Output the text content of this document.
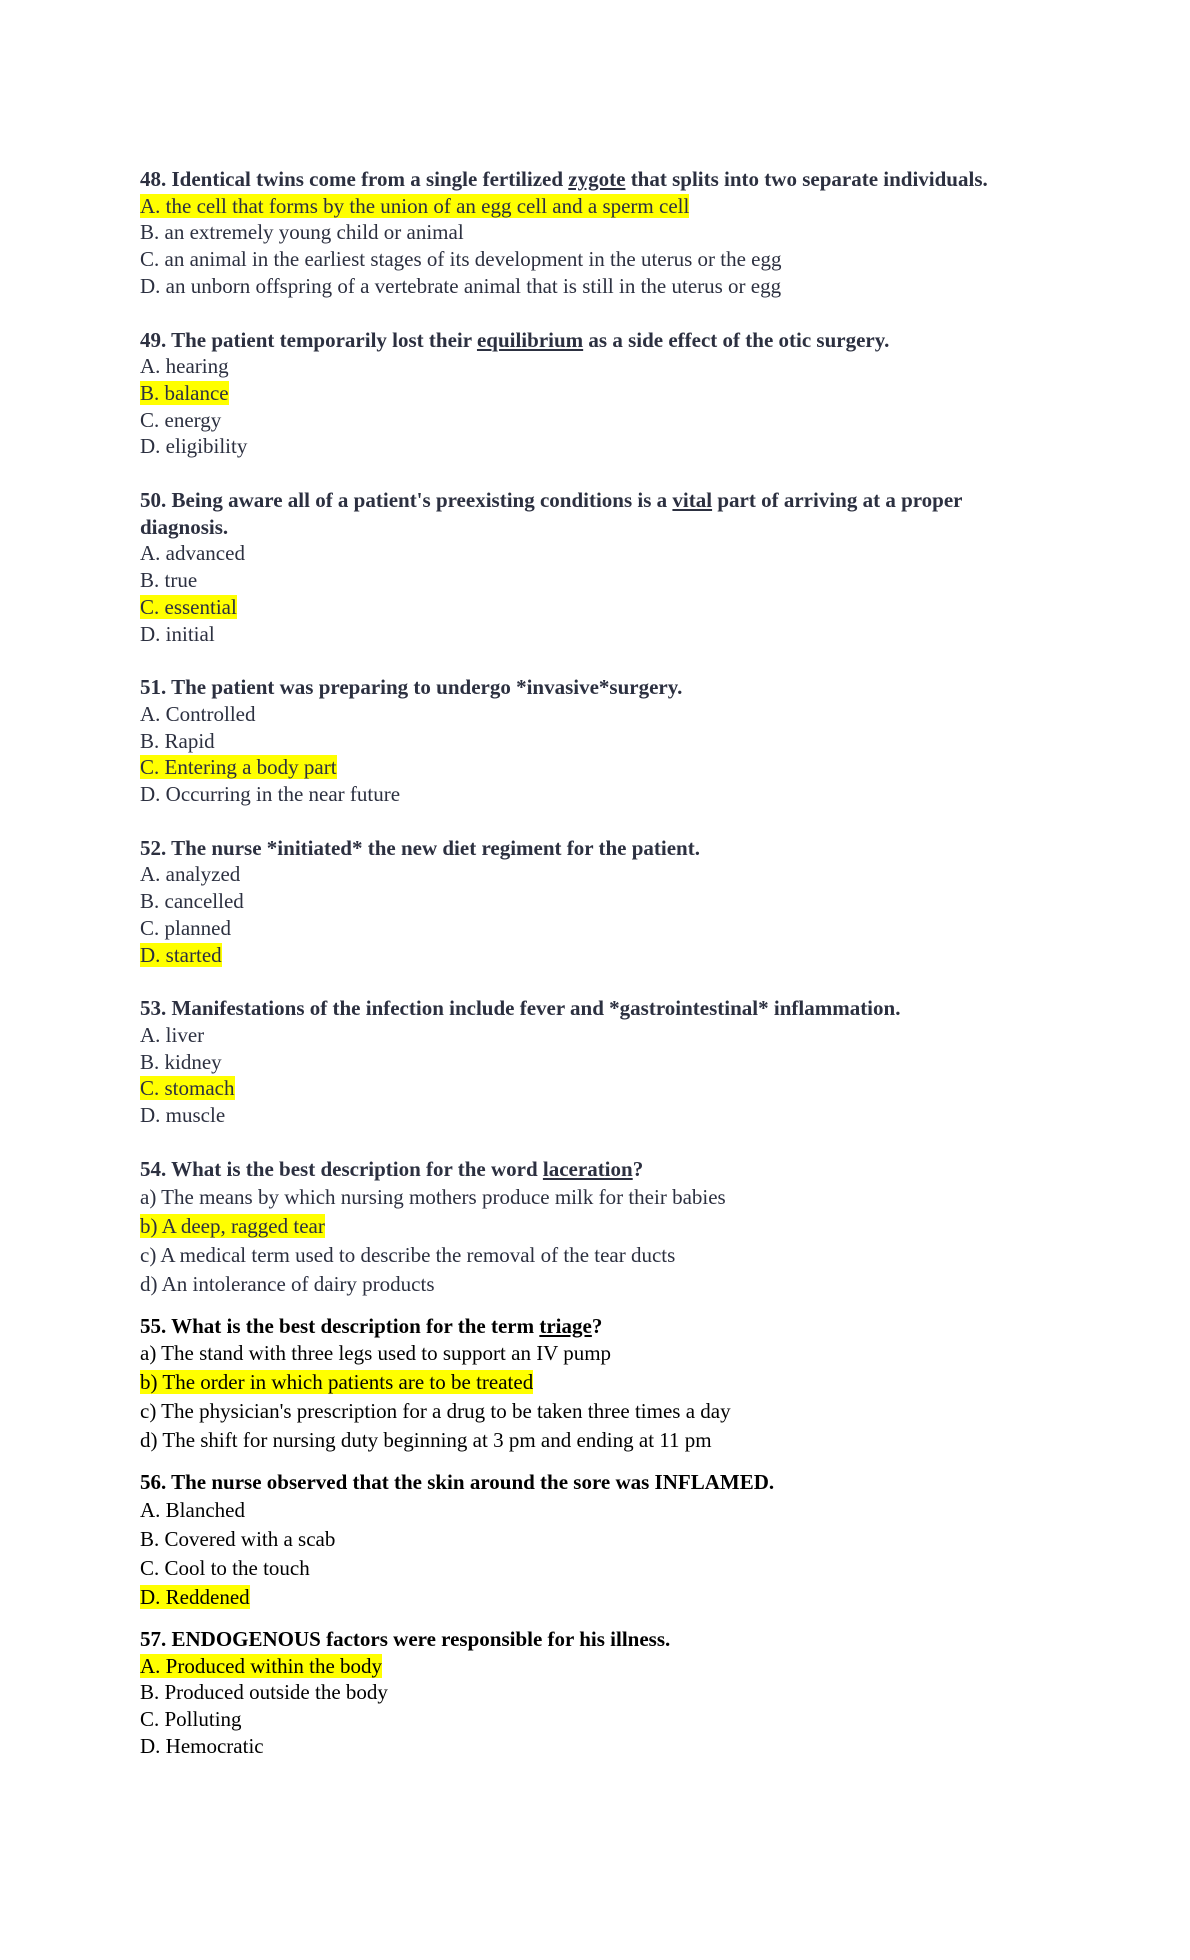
48. Identical twins come from a single fertilized zygote that splits into two separate individuals.
A. the cell that forms by the union of an egg cell and a sperm cell
B. an extremely young child or animal
C. an animal in the earliest stages of its development in the uterus or the egg
D. an unborn offspring of a vertebrate animal that is still in the uterus or egg
49. The patient temporarily lost their equilibrium as a side effect of the otic surgery.
A. hearing
B. balance
C. energy
D. eligibility
50. Being aware all of a patient's preexisting conditions is a vital part of arriving at a proper diagnosis.
A. advanced
B. true
C. essential
D. initial
51. The patient was preparing to undergo *invasive*surgery.
A. Controlled
B. Rapid
C. Entering a body part
D. Occurring in the near future
52. The nurse *initiated* the new diet regiment for the patient.
A. analyzed
B. cancelled
C. planned
D. started
53. Manifestations of the infection include fever and *gastrointestinal* inflammation.
A. liver
B. kidney
C. stomach
D. muscle
54. What is the best description for the word laceration?
a) The means by which nursing mothers produce milk for their babies
b) A deep, ragged tear
c) A medical term used to describe the removal of the tear ducts
d) An intolerance of dairy products
55. What is the best description for the term triage?
a) The stand with three legs used to support an IV pump
b) The order in which patients are to be treated
c) The physician's prescription for a drug to be taken three times a day
d) The shift for nursing duty beginning at 3 pm and ending at 11 pm
56. The nurse observed that the skin around the sore was INFLAMED.
A. Blanched
B. Covered with a scab
C. Cool to the touch
D. Reddened
57. ENDOGENOUS factors were responsible for his illness.
A. Produced within the body
B. Produced outside the body
C. Polluting
D. Hemocratic
